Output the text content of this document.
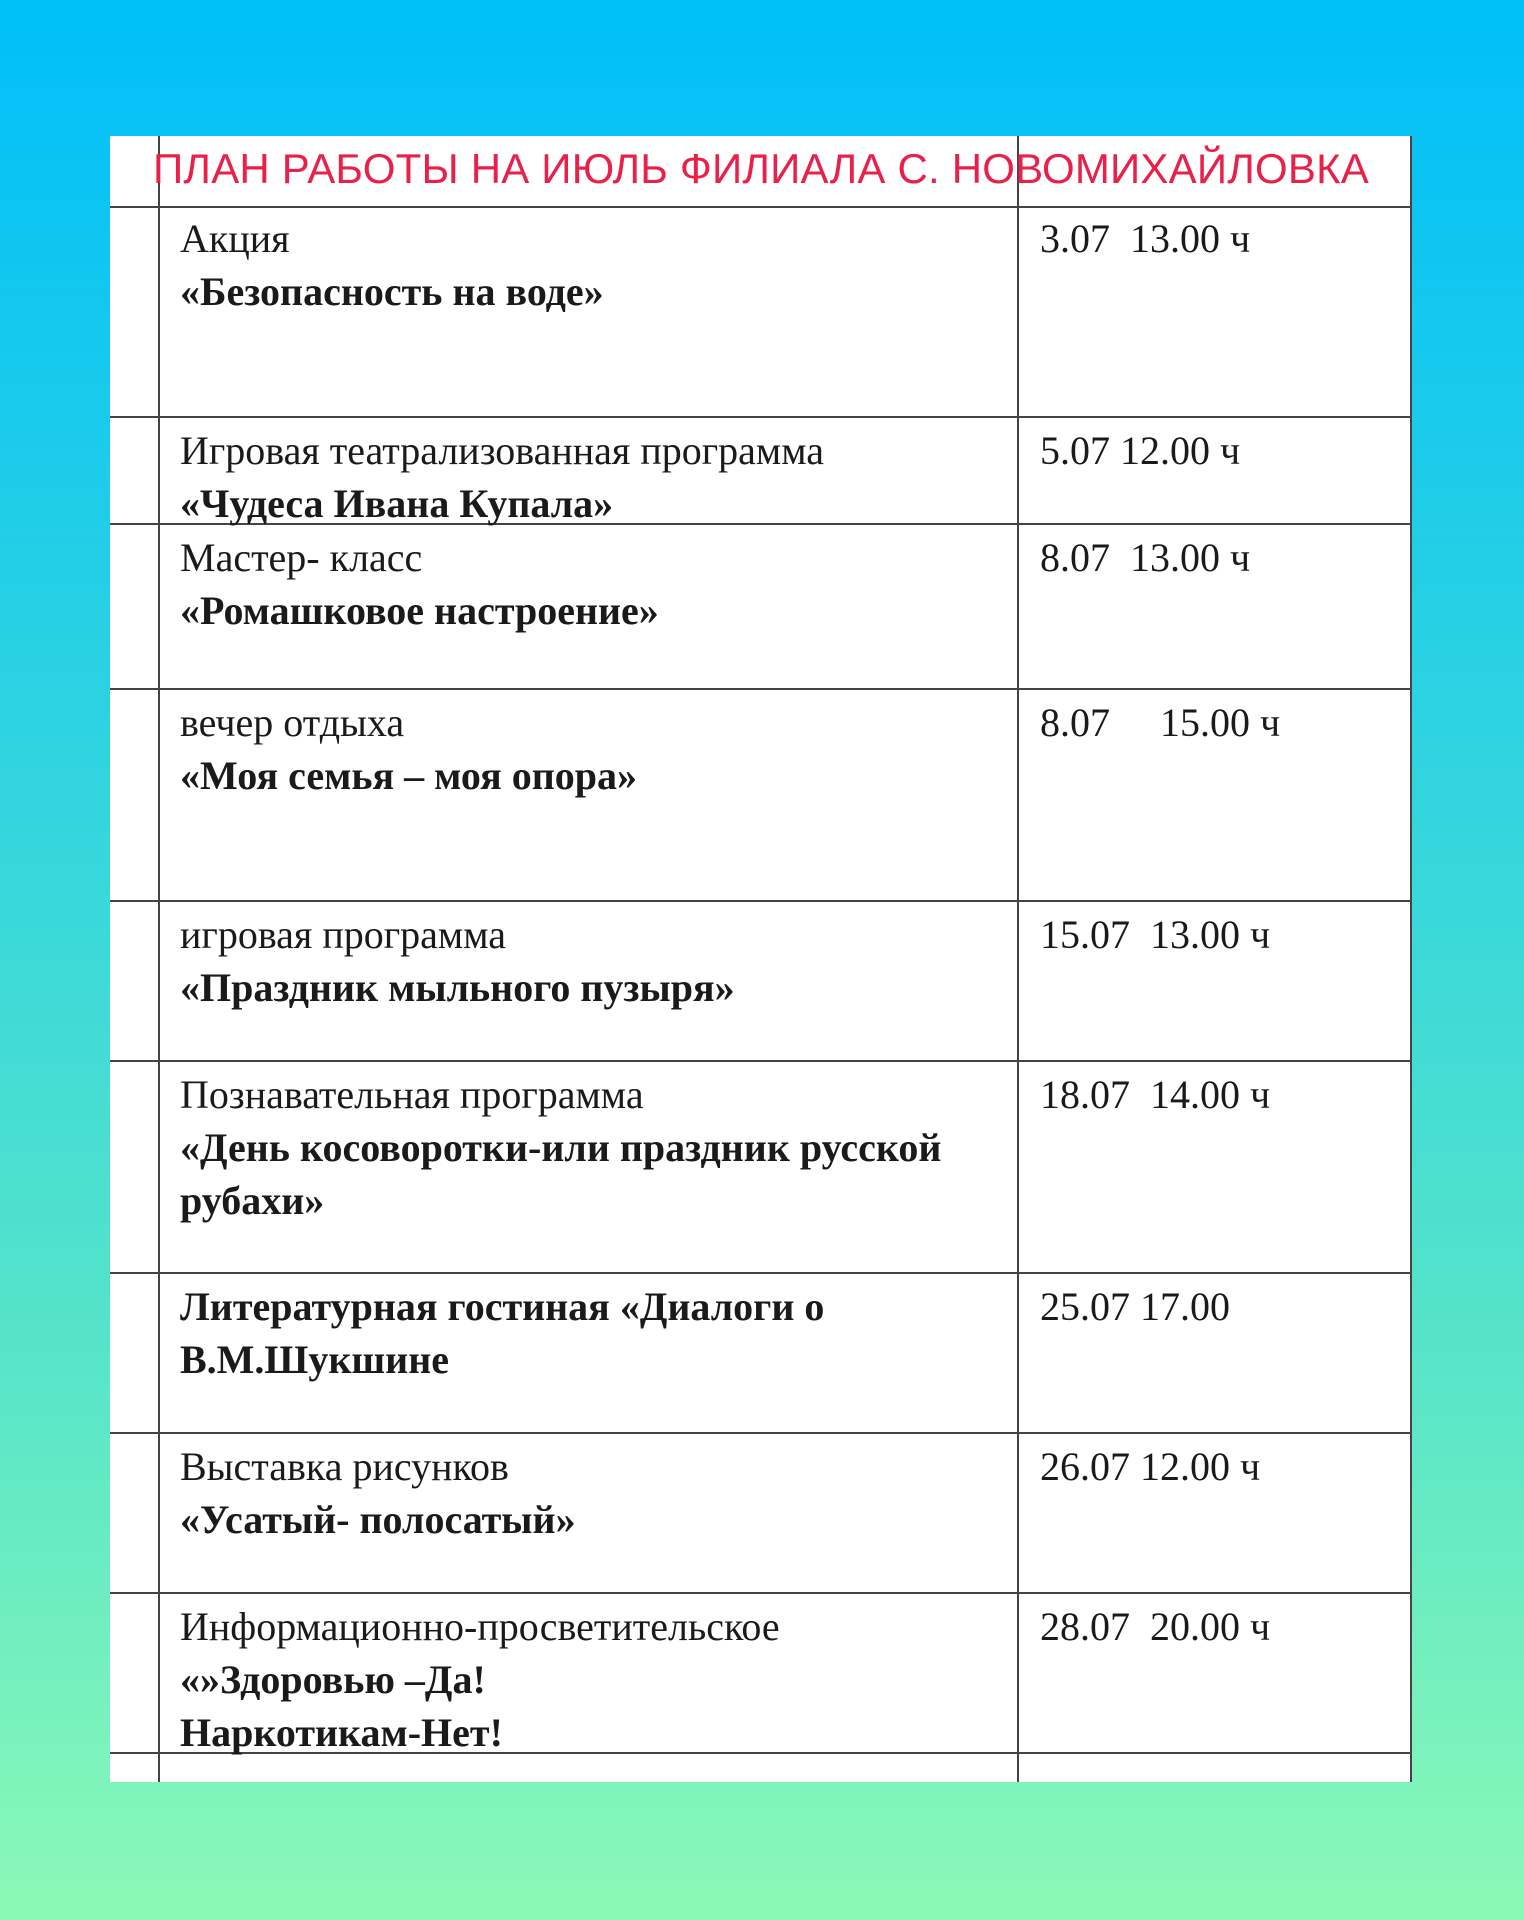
ПЛАН РАБОТЫ НА ИЮЛЬ ФИЛИАЛА С. НОВОМИХАЙЛОВКА
Акция
«Безопасность на воде»
3.07  13.00 ч
Игровая театрализованная программа
«Чудеса Ивана Купала»
5.07 12.00 ч
Мастер- класс
«Ромашковое настроение»
8.07  13.00 ч
вечер отдыха
«Моя семья – моя опора»
8.07     15.00 ч
игровая программа
«Праздник мыльного пузыря»
15.07  13.00 ч
Познавательная программа
«День косоворотки-или праздник русской рубахи»
18.07  14.00 ч
Литературная гостиная «Диалоги о В.М.Шукшине
25.07 17.00
Выставка рисунков
«Усатый- полосатый»
26.07 12.00 ч
Информационно-просветительское
«»Здоровью –Да!
Наркотикам-Нет!
28.07  20.00 ч
